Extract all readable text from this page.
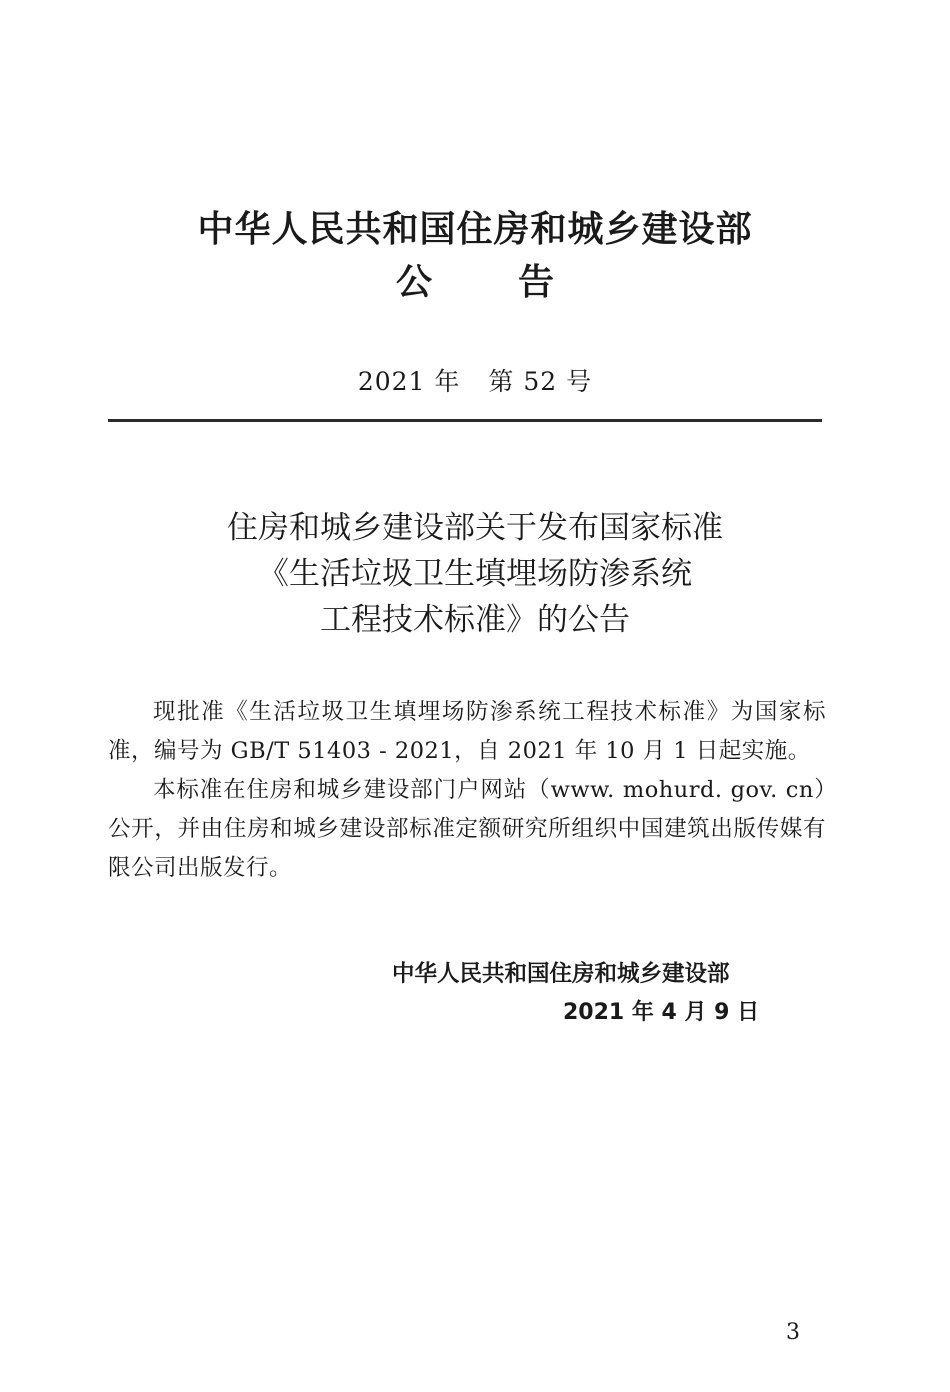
中华人民共和国住房和城乡建设部
公 告
2021 年 第 52 号
住房和城乡建设部关于发布国家标准
《生活垃圾卫生填埋场防渗系统
工程技术标准》的公告

现批准《生活垃圾卫生填埋场防渗系统工程技术标准》为国家标准，编号为 GB/T 51403 - 2021，自 2021 年 10 月 1 日起实施。

本标准在住房和城乡建设部门户网站（www. mohurd. gov. cn）公开，并由住房和城乡建设部标准定额研究所组织中国建筑出版传媒有限公司出版发行。

中华人民共和国住房和城乡建设部
2021 年 4 月 9 日
3
